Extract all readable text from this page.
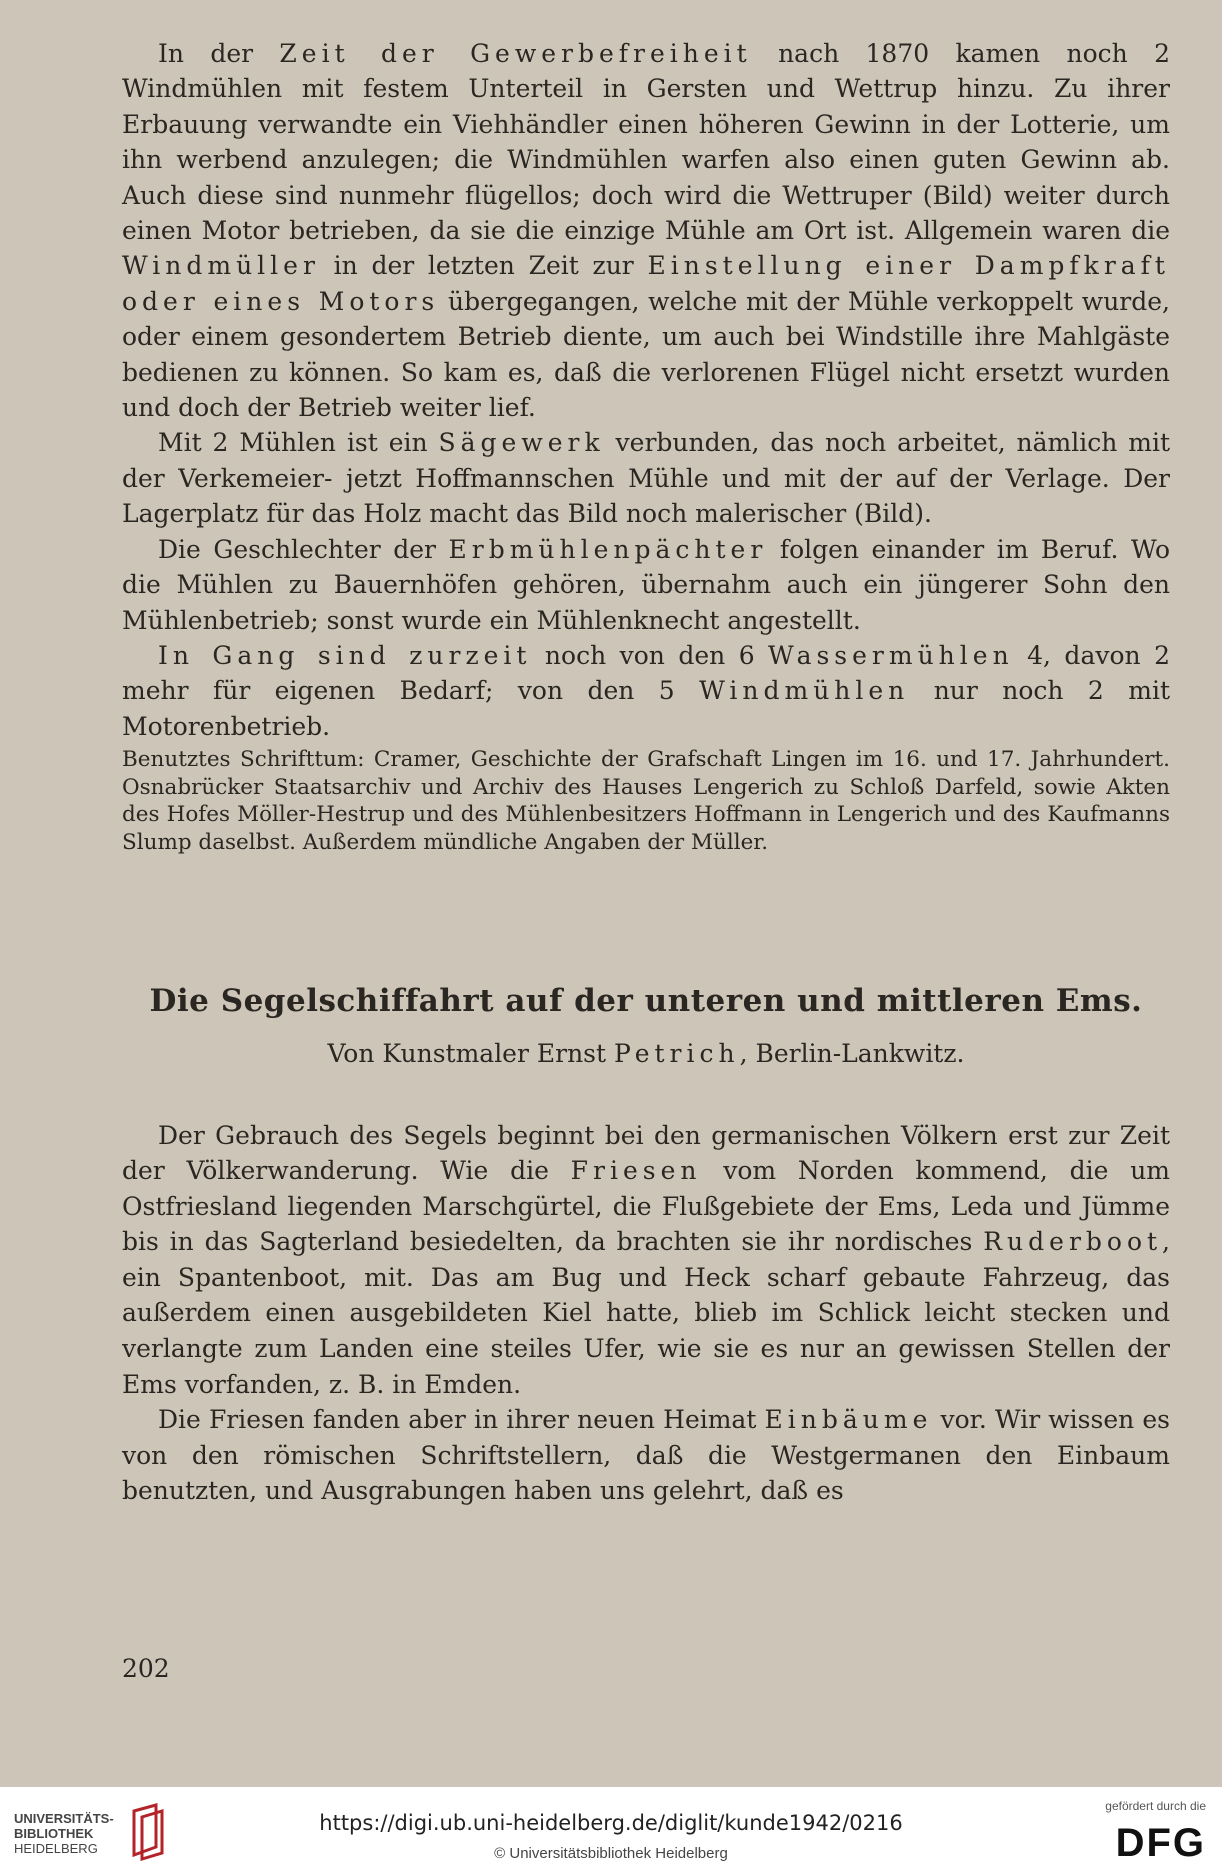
In der Zeit der Gewerbefreiheit nach 1870 kamen noch 2 Windmühlen mit festem Unterteil in Gersten und Wettrup hinzu. Zu ihrer Erbauung verwandte ein Viehhändler einen höheren Gewinn in der Lotterie, um ihn werbend anzulegen; die Windmühlen warfen also einen guten Gewinn ab. Auch diese sind nunmehr flügellos; doch wird die Wettruper (Bild) weiter durch einen Motor betrieben, da sie die einzige Mühle am Ort ist. Allgemein waren die Windmüller in der letzten Zeit zur Einstellung einer Dampfkraft oder eines Motors übergegangen, welche mit der Mühle verkoppelt wurde, oder einem gesondertem Betrieb diente, um auch bei Windstille ihre Mahlgäste bedienen zu können. So kam es, daß die verlorenen Flügel nicht ersetzt wurden und doch der Betrieb weiter lief.

Mit 2 Mühlen ist ein Sägewerk verbunden, das noch arbeitet, nämlich mit der Verkemeier- jetzt Hoffmannschen Mühle und mit der auf der Verlage. Der Lagerplatz für das Holz macht das Bild noch malerischer (Bild).

Die Geschlechter der Erbmühlenpächter folgen einander im Beruf. Wo die Mühlen zu Bauernhöfen gehören, übernahm auch ein jüngerer Sohn den Mühlenbetrieb; sonst wurde ein Mühlenknecht angestellt.

In Gang sind zurzeit noch von den 6 Wassermühlen 4, davon 2 mehr für eigenen Bedarf; von den 5 Windmühlen nur noch 2 mit Motorenbetrieb.

Benutztes Schrifttum: Cramer, Geschichte der Grafschaft Lingen im 16. und 17. Jahrhundert. Osnabrücker Staatsarchiv und Archiv des Hauses Lengerich zu Schloß Darfeld, sowie Akten des Hofes Möller-Hestrup und des Mühlenbesitzers Hoffmann in Lengerich und des Kaufmanns Slump daselbst. Außerdem mündliche Angaben der Müller.

Die Segelschiffahrt auf der unteren und mittleren Ems.

Von Kunstmaler Ernst Petrich, Berlin-Lankwitz.

Der Gebrauch des Segels beginnt bei den germanischen Völkern erst zur Zeit der Völkerwanderung. Wie die Friesen vom Norden kommend, die um Ostfriesland liegenden Marschgürtel, die Flußgebiete der Ems, Leda und Jümme bis in das Sagterland besiedelten, da brachten sie ihr nordisches Ruderboot, ein Spantenboot, mit. Das am Bug und Heck scharf gebaute Fahrzeug, das außerdem einen ausgebildeten Kiel hatte, blieb im Schlick leicht stecken und verlangte zum Landen eine steiles Ufer, wie sie es nur an gewissen Stellen der Ems vorfanden, z. B. in Emden.

Die Friesen fanden aber in ihrer neuen Heimat Einbäume vor. Wir wissen es von den römischen Schriftstellern, daß die Westgermanen den Einbaum benutzten, und Ausgrabungen haben uns gelehrt, daß es

202
UNIVERSITÄTS-
BIBLIOTHEK
HEIDELBERG
https://digi.ub.uni-heidelberg.de/diglit/kunde1942/0216
© Universitätsbibliothek Heidelberg
gefördert durch die
DFG
